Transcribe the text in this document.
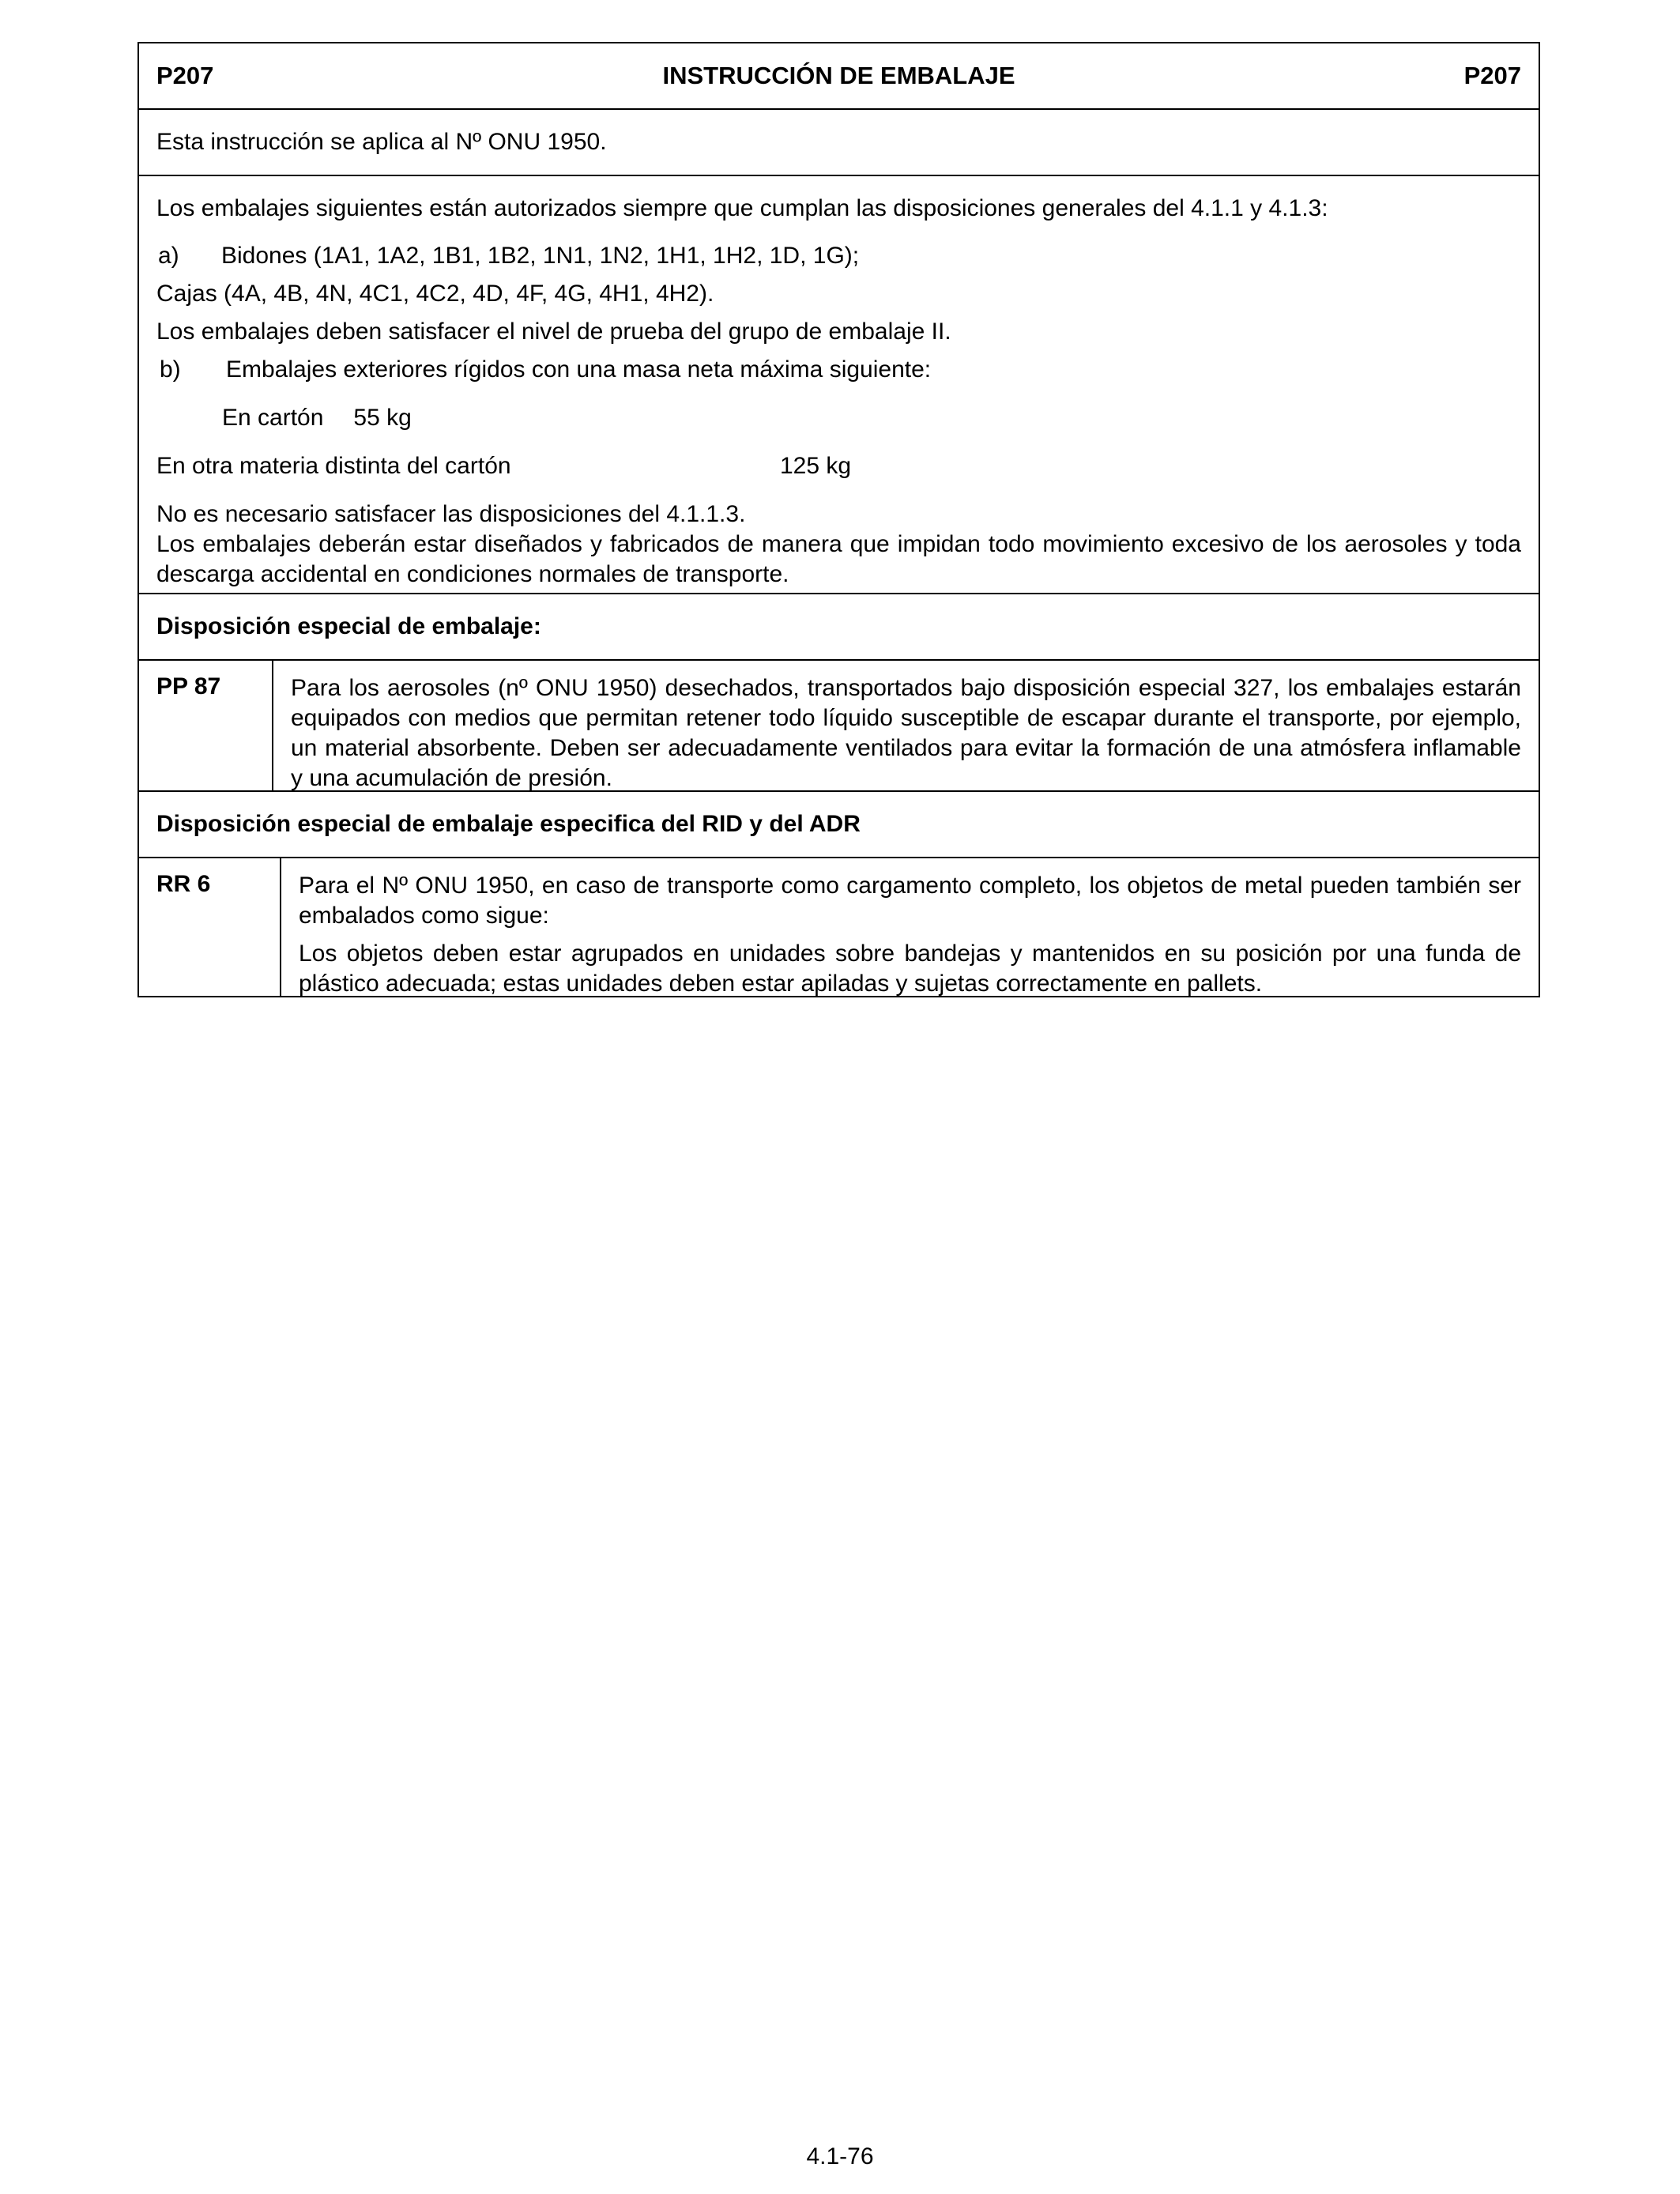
P207	INSTRUCCIÓN DE EMBALAJE	P207
Esta instrucción se aplica al Nº ONU 1950.

Los embalajes siguientes están autorizados siempre que cumplan las disposiciones generales del 4.1.1 y 4.1.3:

a)	Bidones (1A1, 1A2, 1B1, 1B2, 1N1, 1N2, 1H1, 1H2, 1D, 1G);

Cajas (4A, 4B, 4N, 4C1, 4C2, 4D, 4F, 4G, 4H1, 4H2).

Los embalajes deben satisfacer el nivel de prueba del grupo de embalaje II.

b)	Embalajes exteriores rígidos con una masa neta máxima siguiente:

En cartón 55 kg

En otra materia distinta del cartón	125 kg

No es necesario satisfacer las disposiciones del 4.1.1.3.

Los embalajes deberán estar diseñados y fabricados de manera que impidan todo movimiento excesivo de los aerosoles y toda descarga accidental en condiciones normales de transporte.

Disposición especial de embalaje:
PP 87	Para los aerosoles (nº ONU 1950) desechados, transportados bajo disposición especial 327, los embalajes estarán equipados con medios que permitan retener todo líquido susceptible de escapar durante el transporte, por ejemplo, un material absorbente. Deben ser adecuadamente ventilados para evitar la formación de una atmósfera inflamable y una acumulación de presión.

Disposición especial de embalaje especifica del RID y del ADR
RR 6	Para el Nº ONU 1950, en caso de transporte como cargamento completo, los objetos de metal pueden también ser embalados como sigue:

Los objetos deben estar agrupados en unidades sobre bandejas y mantenidos en su posición por una funda de plástico adecuada; estas unidades deben estar apiladas y sujetas correctamente en pallets.

4.1-76
